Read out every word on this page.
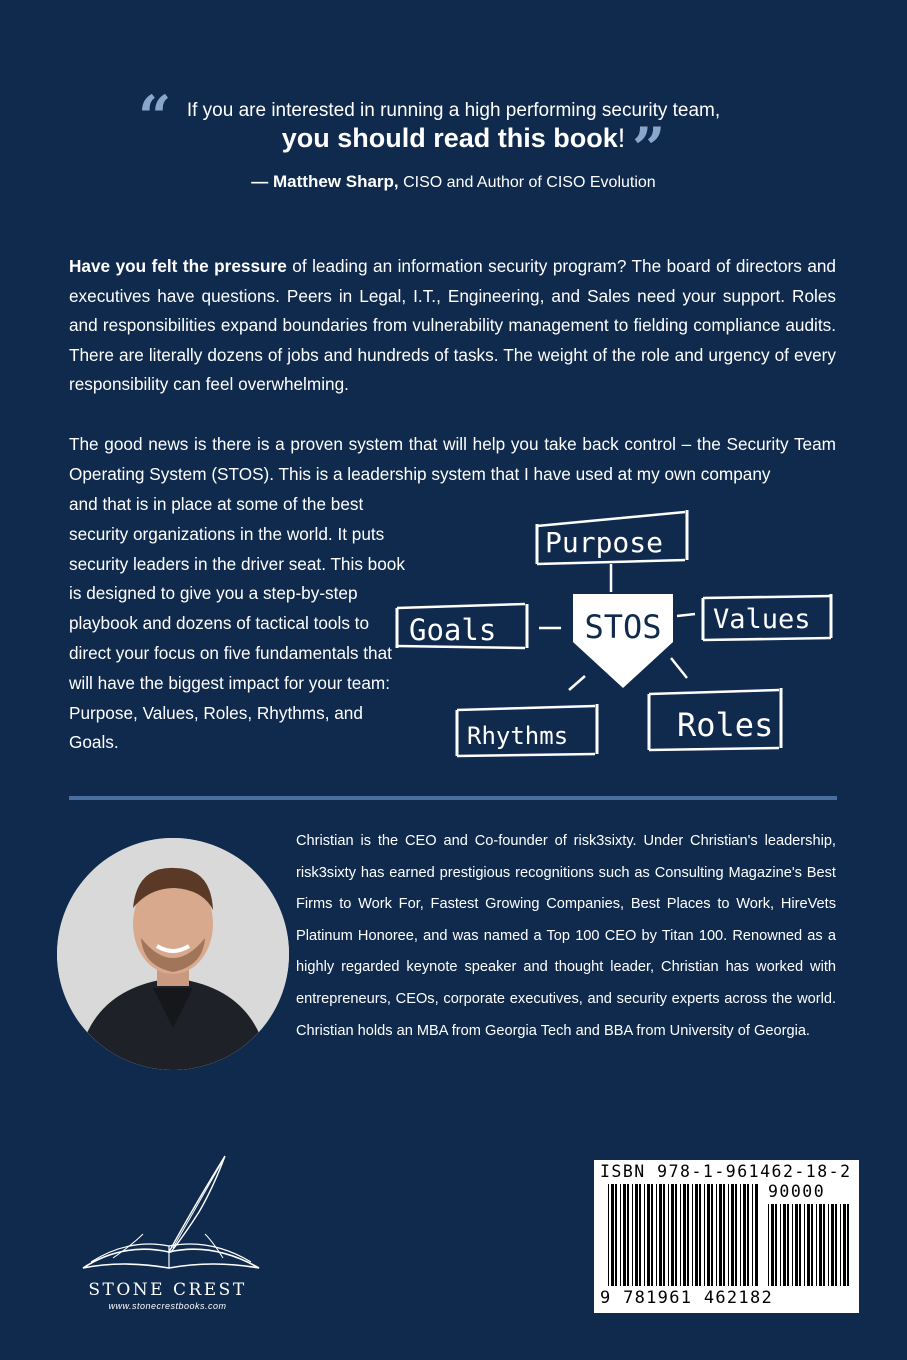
“ If you are interested in running a high performing security team,
you should read this book! ”
— Matthew Sharp, CISO and Author of CISO Evolution
Have you felt the pressure of leading an information security program? The board of directors and executives have questions. Peers in Legal, I.T., Engineering, and Sales need your support. Roles and responsibilities expand boundaries from vulnerability management to fielding compliance audits. There are literally dozens of jobs and hundreds of tasks. The weight of the role and urgency of every responsibility can feel overwhelming.
The good news is there is a proven system that will help you take back control – the Security Team Operating System (STOS). This is a leadership system that I have used at my own company
and that is in place at some of the best security organizations in the world. It puts security leaders in the driver seat. This book is designed to give you a step-by-step playbook and dozens of tactical tools to direct your focus on five fundamentals that will have the biggest impact for your team: Purpose, Values, Roles, Rhythms, and Goals.
Purpose
STOS
Goals	Values
Rhythms	Roles
Christian is the CEO and Co-founder of risk3sixty. Under Christian's leadership, risk3sixty has earned prestigious recognitions such as Consulting Magazine's Best Firms to Work For, Fastest Growing Companies, Best Places to Work, HireVets Platinum Honoree, and was named a Top 100 CEO by Titan 100. Renowned as a highly regarded keynote speaker and thought leader, Christian has worked with entrepreneurs, CEOs, corporate executives, and security experts across the world. Christian holds an MBA from Georgia Tech and BBA from University of Georgia.
STONE CREST
www.stonecrestbooks.com
ISBN 978-1-961462-18-2
90000
9 781961 462182
